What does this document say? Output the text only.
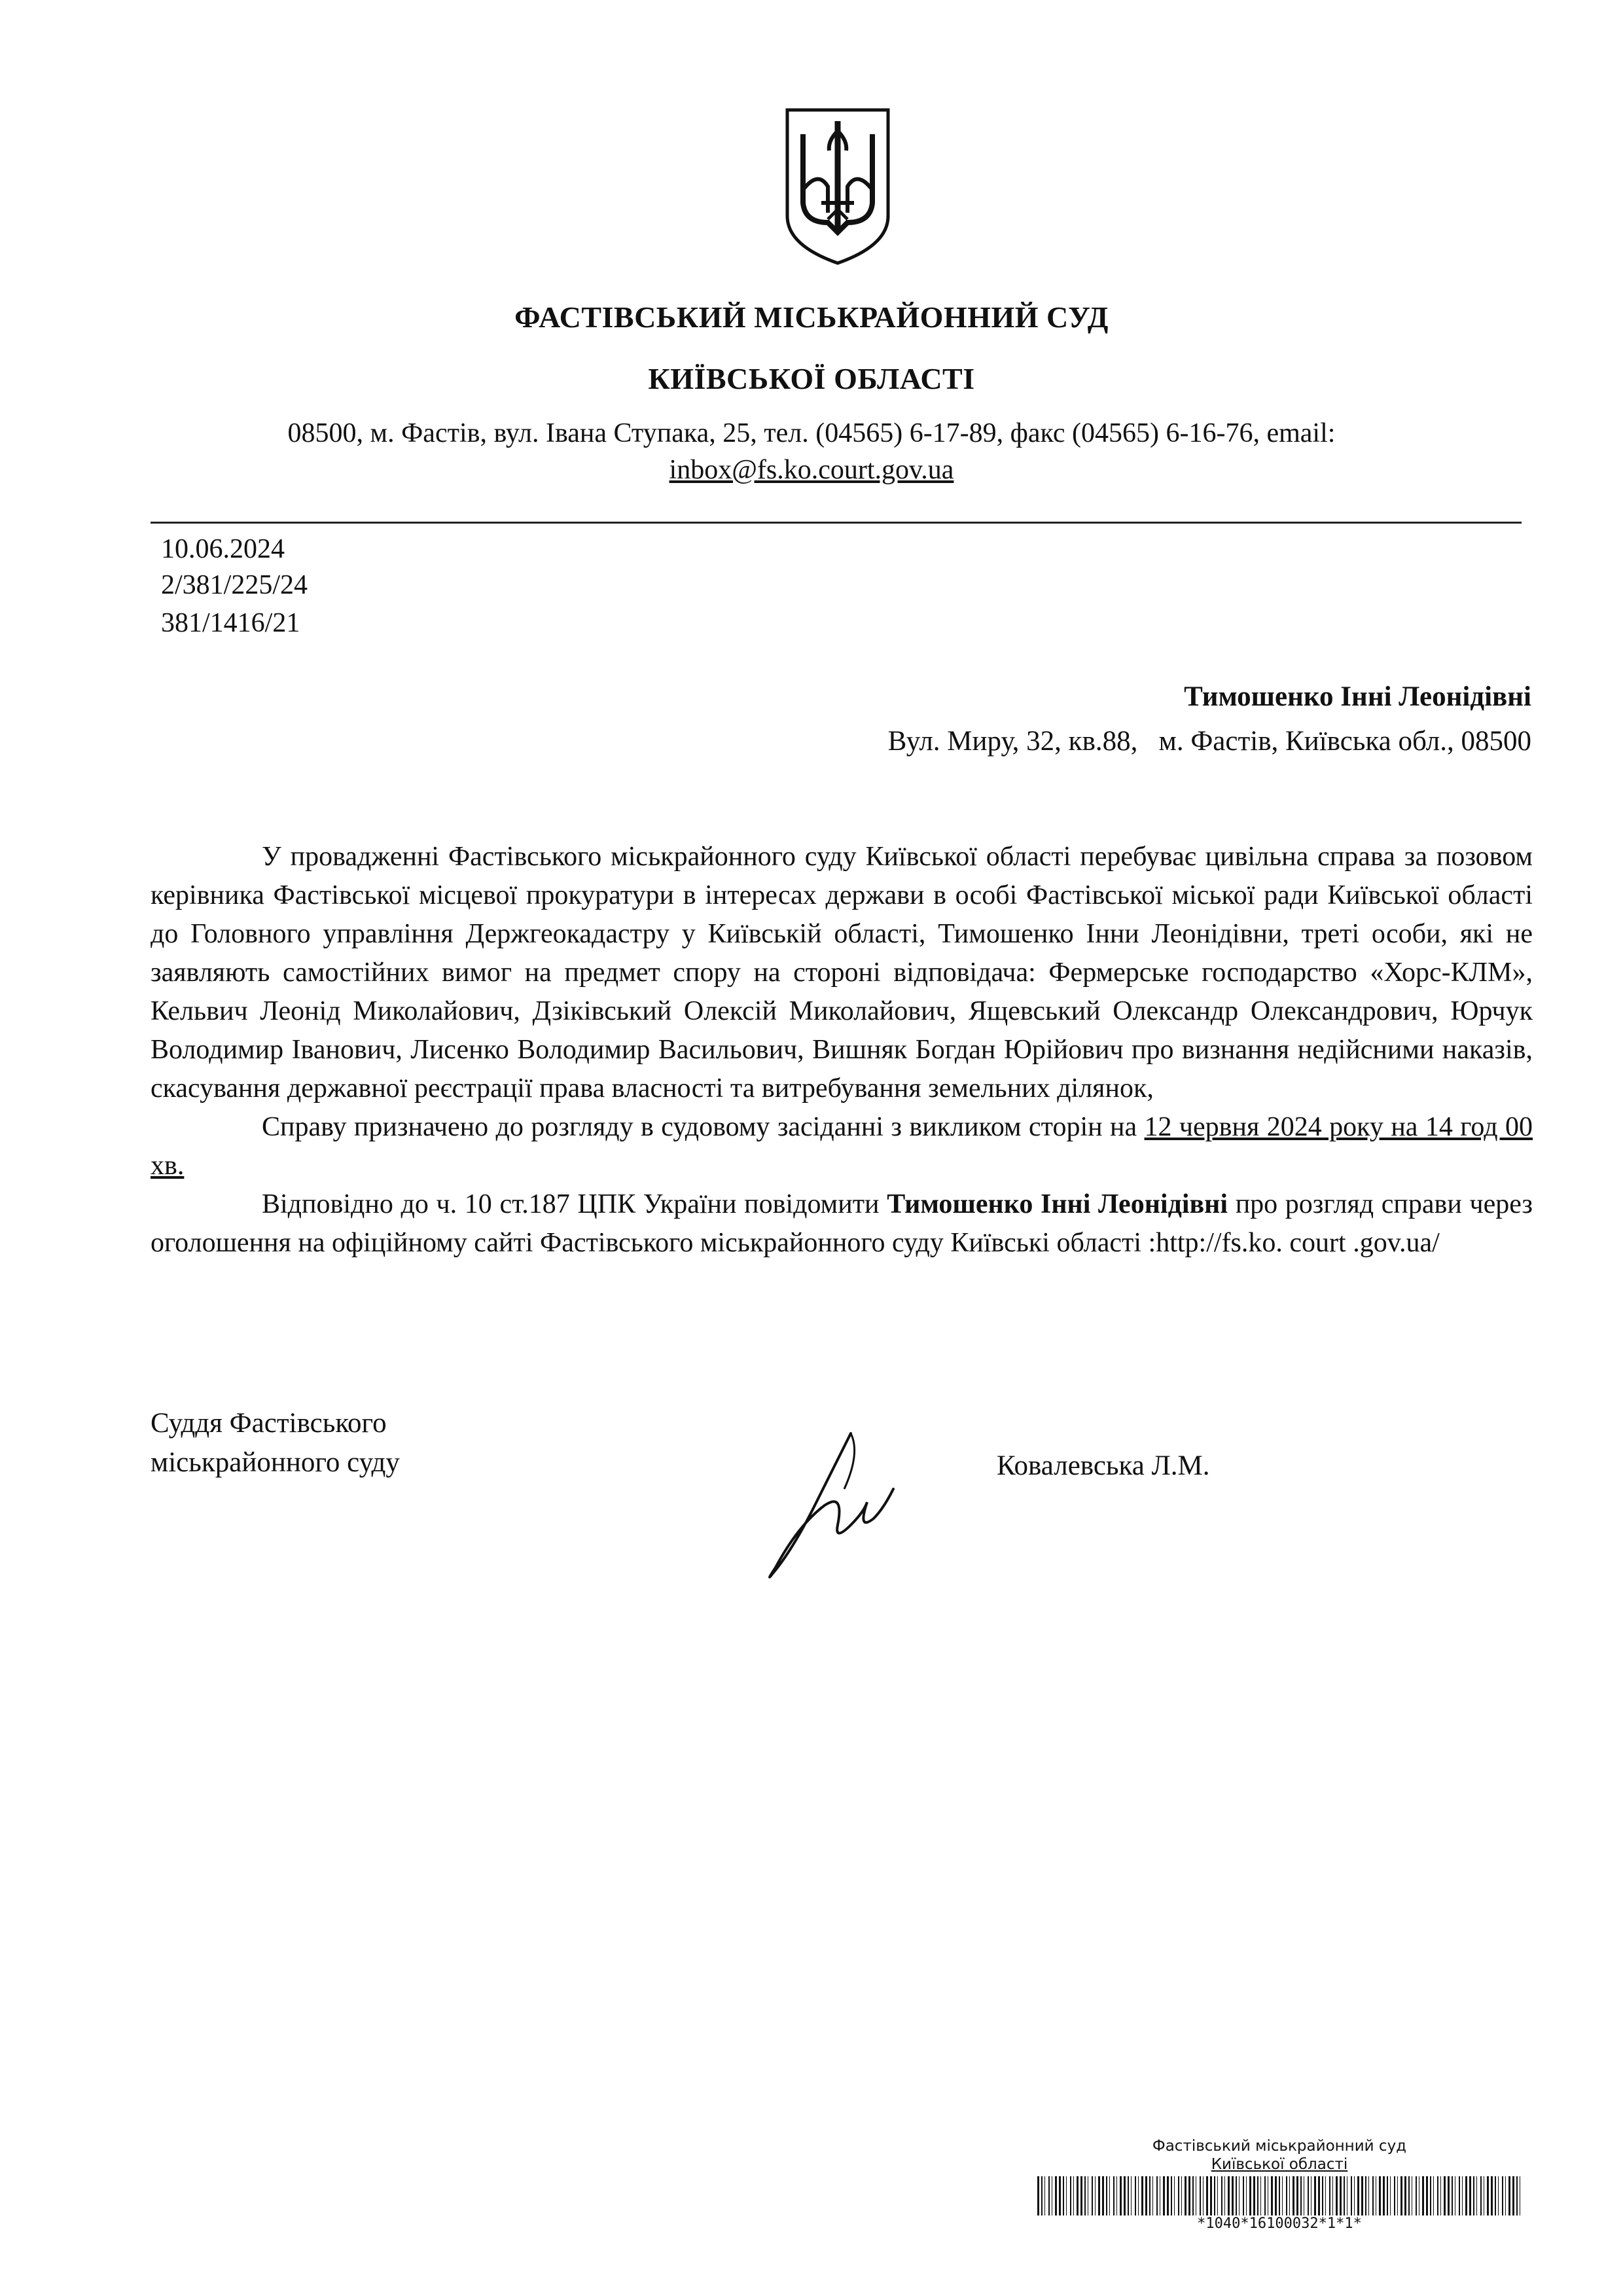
ФАСТІВСЬКИЙ МІСЬКРАЙОННИЙ СУД
КИЇВСЬКОЇ ОБЛАСТІ
08500, м. Фастів, вул. Івана Ступака, 25, тел. (04565) 6-17-89, факс (04565) 6-16-76, email:
inbox@fs.ko.court.gov.ua
10.06.2024
2/381/225/24
381/1416/21
Тимошенко Інні Леонідівні
Вул. Миру, 32, кв.88,   м. Фастів, Київська обл., 08500

У провадженні Фастівського міськрайонного суду Київської області перебуває цивільна справа за позовом керівника Фастівської місцевої прокуратури в інтересах держави в особі Фастівської міської ради Київської області до Головного управління Держгеокадастру у Київській області, Тимошенко Інни Леонідівни, треті особи, які не заявляють самостійних вимог на предмет спору на стороні відповідача: Фермерське господарство «Хорс-КЛМ», Кельвич Леонід Миколайович, Дзіківський Олексій Миколайович, Ящевський Олександр Олександрович, Юрчук Володимир Іванович, Лисенко Володимир Васильович, Вишняк Богдан Юрійович про визнання недійсними наказів, скасування державної реєстрації права власності та витребування земельних ділянок,

Справу призначено до розгляду в судовому засіданні з викликом сторін на 12 червня 2024 року на 14 год 00 хв.

Відповідно до ч. 10 ст.187 ЦПК України повідомити Тимошенко Інні Леонідівні про розгляд справи через оголошення на офіційному сайті Фастівського міськрайонного суду Київські області :http://fs.ko. court .gov.ua/

Суддя Фастівського
міськрайонного суду	Ковалевська Л.М.
Фастівський міськрайонний суд
Київської області
*1040*16100032*1*1*
